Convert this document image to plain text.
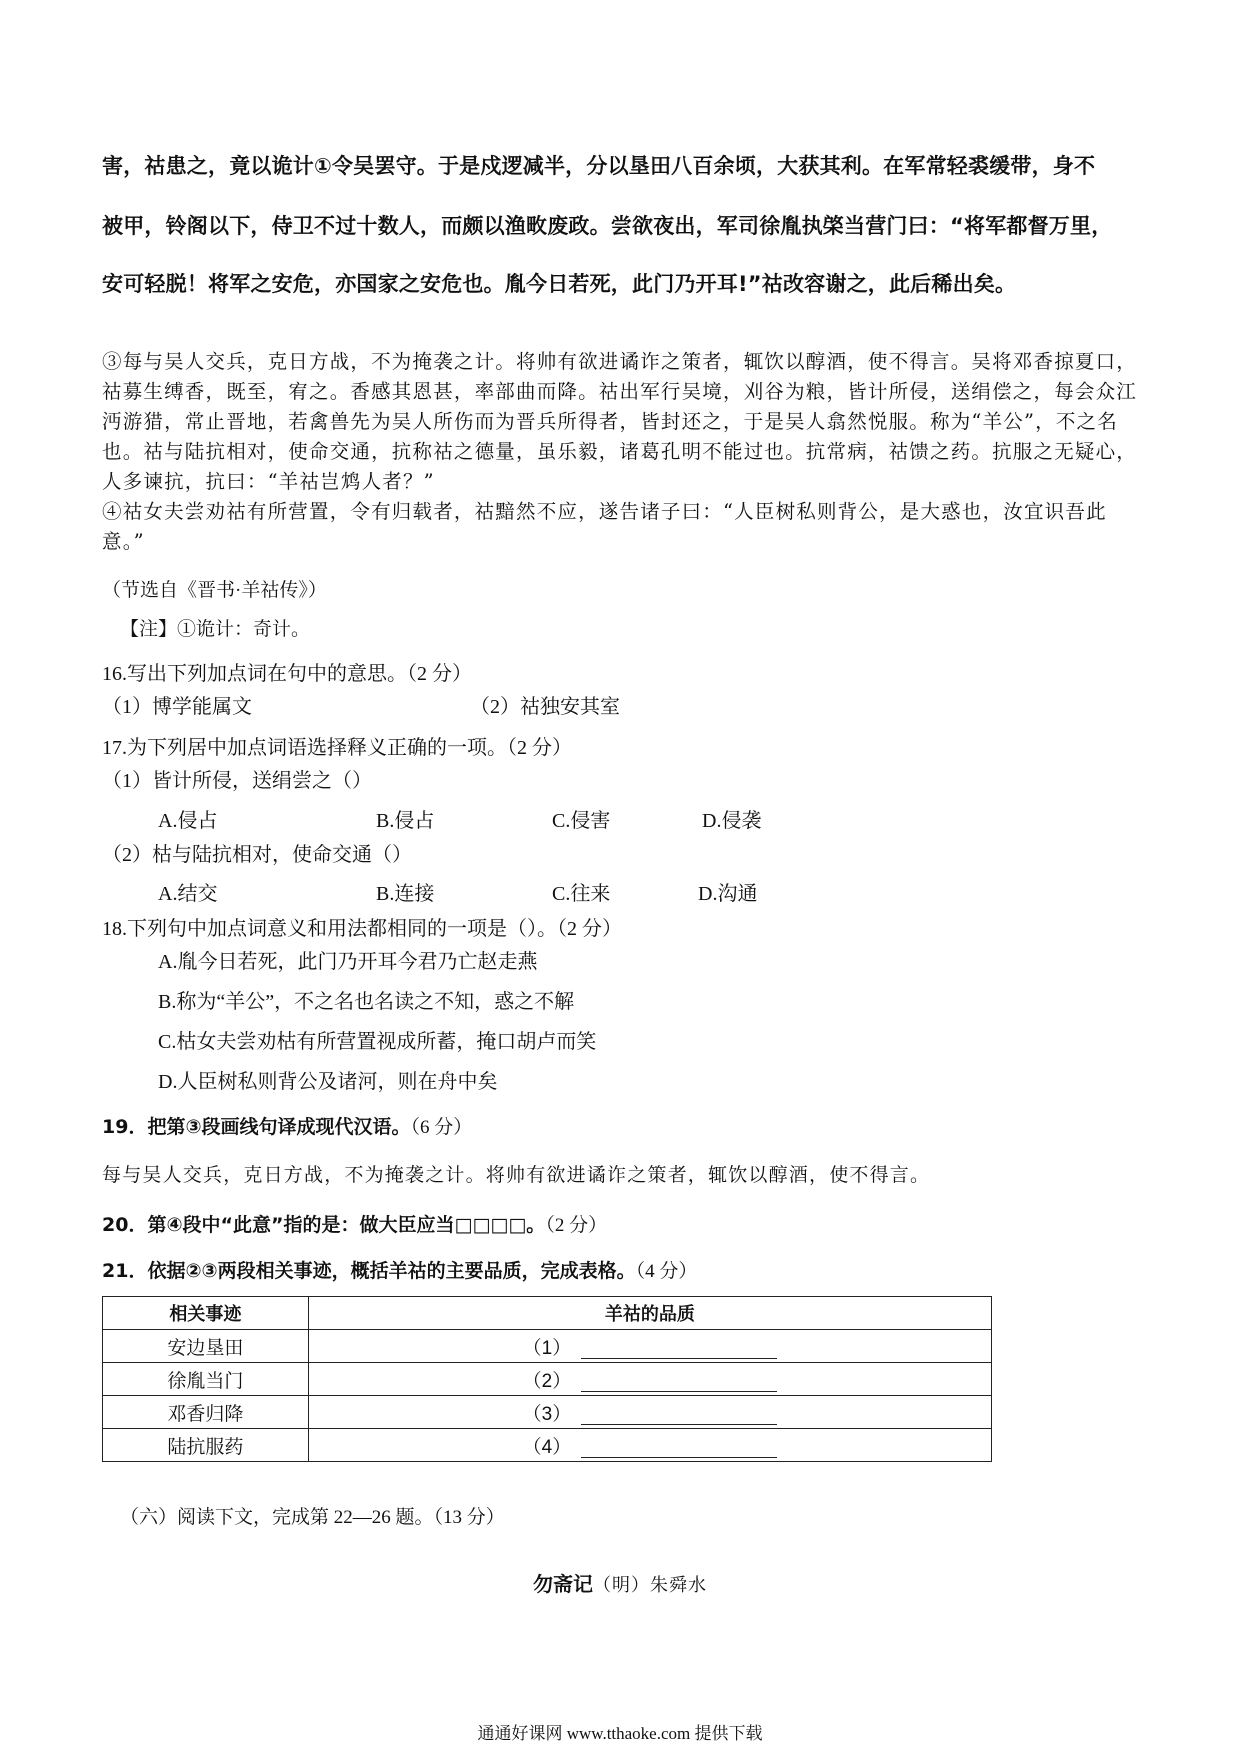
害，祜患之，竟以诡计①令吴罢守。于是戍逻减半，分以垦田八百余顷，大获其利。在军常轻裘缓带，身不
被甲，铃阁以下，侍卫不过十数人，而颇以渔畋废政。尝欲夜出，军司徐胤执棨当营门曰：“将军都督万里，
安可轻脱！将军之安危，亦国家之安危也。胤今日若死，此门乃开耳!”祜改容谢之，此后稀出矣。
③每与吴人交兵，克日方战，不为掩袭之计。将帅有欲进谲诈之策者，辄饮以醇酒，使不得言。吴将邓香掠夏口，祜募生缚香，既至，宥之。香感其恩甚，率部曲而降。祜出军行吴境，刈谷为粮，皆计所侵，送绢偿之，每会众江沔游猎，常止晋地，若禽兽先为吴人所伤而为晋兵所得者，皆封还之，于是吴人翕然悦服。称为“羊公”，不之名也。祜与陆抗相对，使命交通，抗称祜之德量，虽乐毅，诸葛孔明不能过也。抗常病，祜馈之药。抗服之无疑心，人多谏抗，抗曰：“羊祜岂鸩人者？”
④祜女夫尝劝祜有所营置，令有归载者，祜黯然不应，遂告诸子曰：“人臣树私则背公，是大惑也，汝宜识吾此意。”
（节选自《晋书·羊祜传》）
【注】①诡计：奇计。
16.写出下列加点词在句中的意思。（2 分）
（1）博学能属文	（2）祜独安其室
17.为下列居中加点词语选择释义正确的一项。（2 分）
（1）皆计所侵，送绢尝之（）
A.侵占	B.侵占	C.侵害	D.侵袭
（2）枯与陆抗相对，使命交通（）
A.结交	B.连接	C.往来	D.沟通
18.下列句中加点词意义和用法都相同的一项是（）。（2 分）
A.胤今日若死，此门乃开耳今君乃亡赵走燕
B.称为“羊公”，不之名也名读之不知，惑之不解
C.枯女夫尝劝枯有所营置视成所蓄，掩口胡卢而笑
D.人臣树私则背公及诸河，则在舟中矣
19．把第③段画线句译成现代汉语。（6 分）
每与吴人交兵，克日方战，不为掩袭之计。将帅有欲进谲诈之策者，辄饮以醇酒，使不得言。
20．第④段中“此意”指的是：做大臣应当□□□□。（2 分）
21．依据②③两段相关事迹，概括羊祜的主要品质，完成表格。（4 分）
相关事迹	羊祜的品质
安边垦田	（1）
徐胤当门	（2）
邓香归降	（3）
陆抗服药	（4）
（六）阅读下文，完成第 22—26 题。（13 分）
勿斋记（明）朱舜水
通通好课网 www.tthaoke.com 提供下载
